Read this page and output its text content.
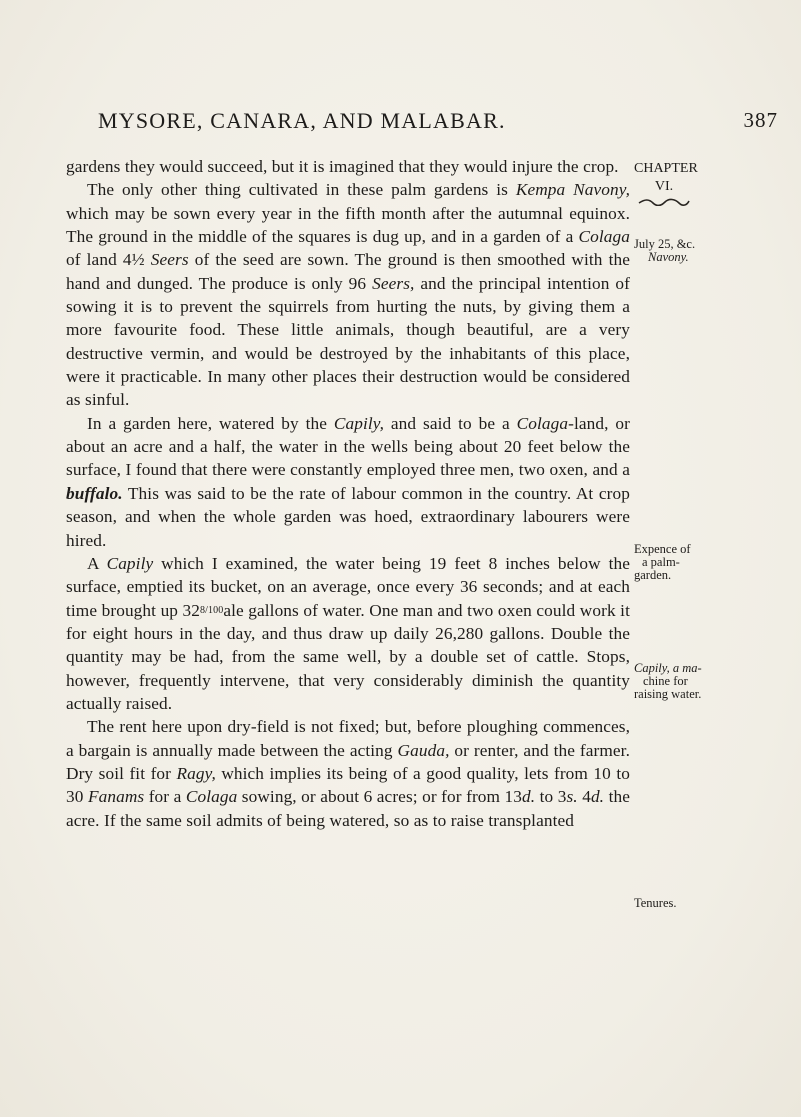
MYSORE, CANARA, AND MALABAR.	387
CHAPTER
VI.
July 25, &c.
Navony.
Expence of
a palm-
garden.
Capily, a ma-
chine for
raising water.
Tenures.

gardens they would succeed, but it is imagined that they would injure the crop.

The only other thing cultivated in these palm gardens is Kempa Navony, which may be sown every year in the fifth month after the autumnal equinox. The ground in the middle of the squares is dug up, and in a garden of a Colaga of land 4½ Seers of the seed are sown. The ground is then smoothed with the hand and dunged. The produce is only 96 Seers, and the principal intention of sowing it is to prevent the squirrels from hurting the nuts, by giving them a more favourite food. These little animals, though beautiful, are a very destructive vermin, and would be destroyed by the inhabitants of this place, were it practicable. In many other places their destruction would be considered as sinful.

In a garden here, watered by the Capily, and said to be a Colaga-land, or about an acre and a half, the water in the wells being about 20 feet below the surface, I found that there were constantly employed three men, two oxen, and a buffalo. This was said to be the rate of labour common in the country. At crop season, and when the whole garden was hoed, extraordinary labourers were hired.

A Capily which I examined, the water being 19 feet 8 inches below the surface, emptied its bucket, on an average, once every 36 seconds; and at each time brought up 328/100ale gallons of water. One man and two oxen could work it for eight hours in the day, and thus draw up daily 26,280 gallons. Double the quantity may be had, from the same well, by a double set of cattle. Stops, however, frequently intervene, that very considerably diminish the quantity actually raised.

The rent here upon dry-field is not fixed; but, before ploughing commences, a bargain is annually made between the acting Gauda, or renter, and the farmer. Dry soil fit for Ragy, which implies its being of a good quality, lets from 10 to 30 Fanams for a Colaga sowing, or about 6 acres; or for from 13d. to 3s. 4d. the acre. If the same soil admits of being watered, so as to raise transplanted
